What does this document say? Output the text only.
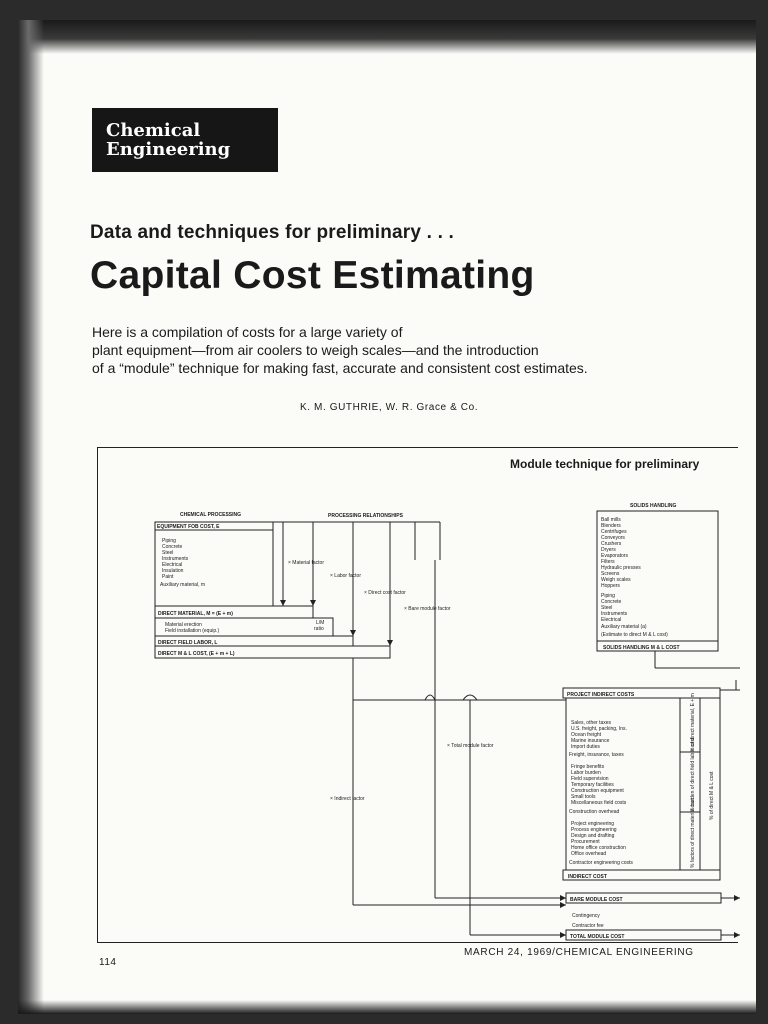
Chemical
Engineering
Data and techniques for preliminary . . .
Capital Cost Estimating
Here is a compilation of costs for a large variety of
plant equipment—from air coolers to weigh scales—and the introduction
of a “module” technique for making fast, accurate and consistent cost estimates.
K. M. GUTHRIE, W. R. Grace & Co.
Module technique for preliminary
CHEMICAL PROCESSING
EQUIPMENT FOB COST, E
Piping
Concrete
Steel
Instruments
Electrical
Insulation
Paint
Auxiliary material, m
DIRECT MATERIAL, M = (E + m)
Material erection
Field installation (equip.)
L/M
ratio
DIRECT FIELD LABOR, L
DIRECT M & L COST, (E + m + L)
PROCESSING RELATIONSHIPS
× Material factor
× Labor factor
× Direct cost factor
× Bare module factor
× Total module factor
× Indirect factor
SOLIDS HANDLING
Ball mills
Blenders
Centrifuges
Conveyors
Crushers
Dryers
Evaporators
Filters
Hydraulic presses
Screens
Weigh scales
Hoppers
Piping
Concrete
Steel
Instruments
Electrical
Auxiliary material (a)
(Estimate to direct M & L cost)
SOLIDS HANDLING M & L COST
PROJECT INDIRECT COSTS
Sales, other taxes
U.S. freight, packing, Ins.
Ocean freight
Marine insurance
Import duties
Freight, insurance, taxes
Fringe benefits
Labor burden
Field supervision
Temporary facilities
Construction equipment
Small tools
Miscellaneous field costs
Construction overhead
Project engineering
Process engineering
Design and drafting
Procurement
Home office construction
Office overhead
Contractor engineering costs
% of direct material, E + m
% burden of direct field labor cost	% of direct M & L cost
% factors of direct material cost
INDIRECT COST
BARE MODULE COST
Contingency
Contractor fee
TOTAL MODULE COST
114
MARCH 24, 1969/CHEMICAL ENGINEERING
